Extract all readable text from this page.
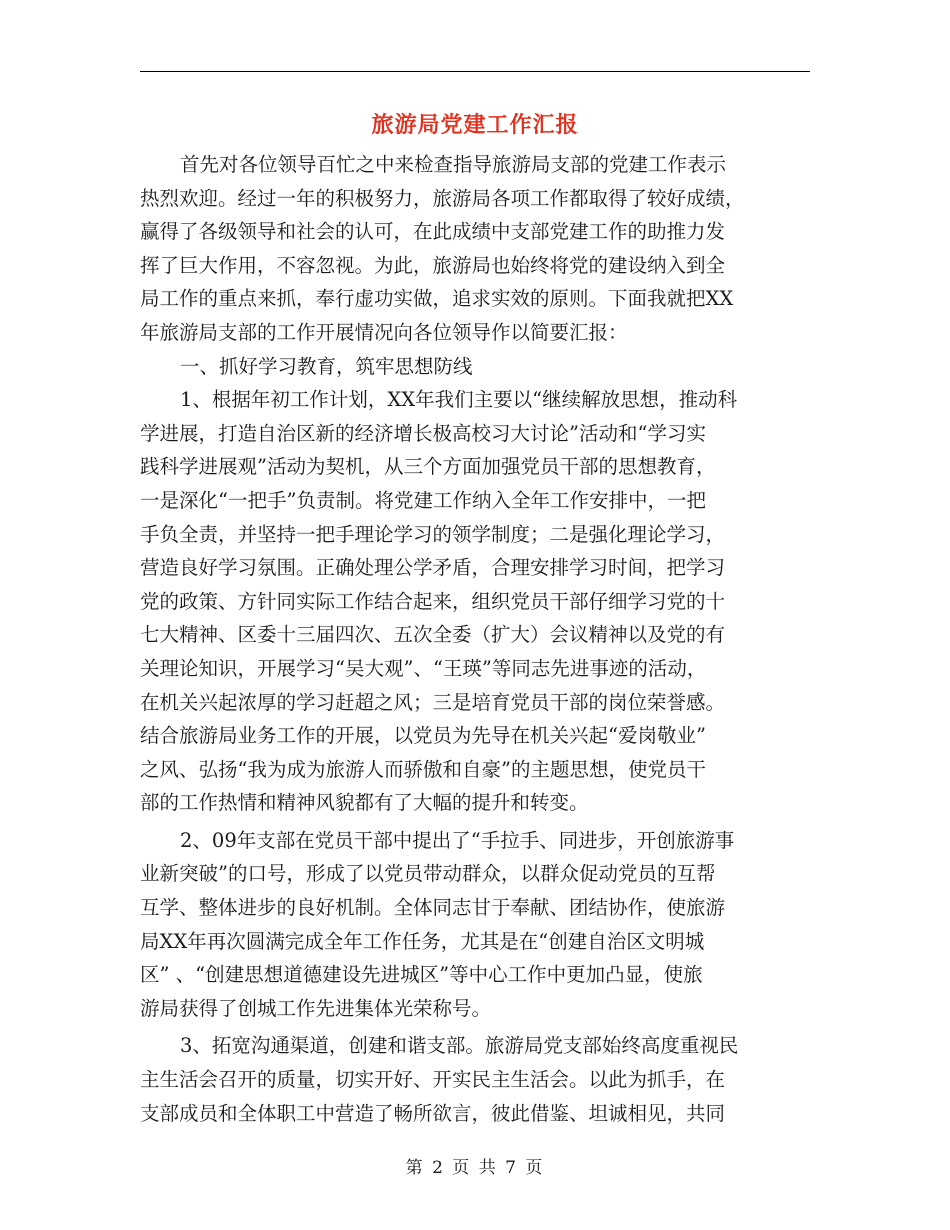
旅游局党建工作汇报
首先对各位领导百忙之中来检查指导旅游局支部的党建工作表示
热烈欢迎。经过一年的积极努力，旅游局各项工作都取得了较好成绩，
赢得了各级领导和社会的认可，在此成绩中支部党建工作的助推力发
挥了巨大作用，不容忽视。为此，旅游局也始终将党的建设纳入到全
局工作的重点来抓，奉行虚功实做，追求实效的原则。下面我就把XX
年旅游局支部的工作开展情况向各位领导作以简要汇报：
一、抓好学习教育，筑牢思想防线
1、根据年初工作计划，XX年我们主要以“继续解放思想，推动科
学进展，打造自治区新的经济增长极高校习大讨论”活动和“学习实
践科学进展观”活动为契机，从三个方面加强党员干部的思想教育，
一是深化“一把手”负责制。将党建工作纳入全年工作安排中，一把
手负全责，并坚持一把手理论学习的领学制度；二是强化理论学习，
营造良好学习氛围。正确处理公学矛盾，合理安排学习时间，把学习
党的政策、方针同实际工作结合起来，组织党员干部仔细学习党的十
七大精神、区委十三届四次、五次全委（扩大）会议精神以及党的有
关理论知识，开展学习“吴大观”、“王瑛”等同志先进事迹的活动，
在机关兴起浓厚的学习赶超之风；三是培育党员干部的岗位荣誉感。
结合旅游局业务工作的开展，以党员为先导在机关兴起“爱岗敬业”
之风、弘扬“我为成为旅游人而骄傲和自豪”的主题思想，使党员干
部的工作热情和精神风貌都有了大幅的提升和转变。
2、09年支部在党员干部中提出了“手拉手、同进步，开创旅游事
业新突破”的口号，形成了以党员带动群众，以群众促动党员的互帮
互学、整体进步的良好机制。全体同志甘于奉献、团结协作，使旅游
局XX年再次圆满完成全年工作任务，尤其是在“创建自治区文明城
区” 、“创建思想道德建设先进城区”等中心工作中更加凸显，使旅
游局获得了创城工作先进集体光荣称号。
3、拓宽沟通渠道，创建和谐支部。旅游局党支部始终高度重视民
主生活会召开的质量，切实开好、开实民主生活会。以此为抓手，在
支部成员和全体职工中营造了畅所欲言，彼此借鉴、坦诚相见，共同
第 2 页 共 7 页
